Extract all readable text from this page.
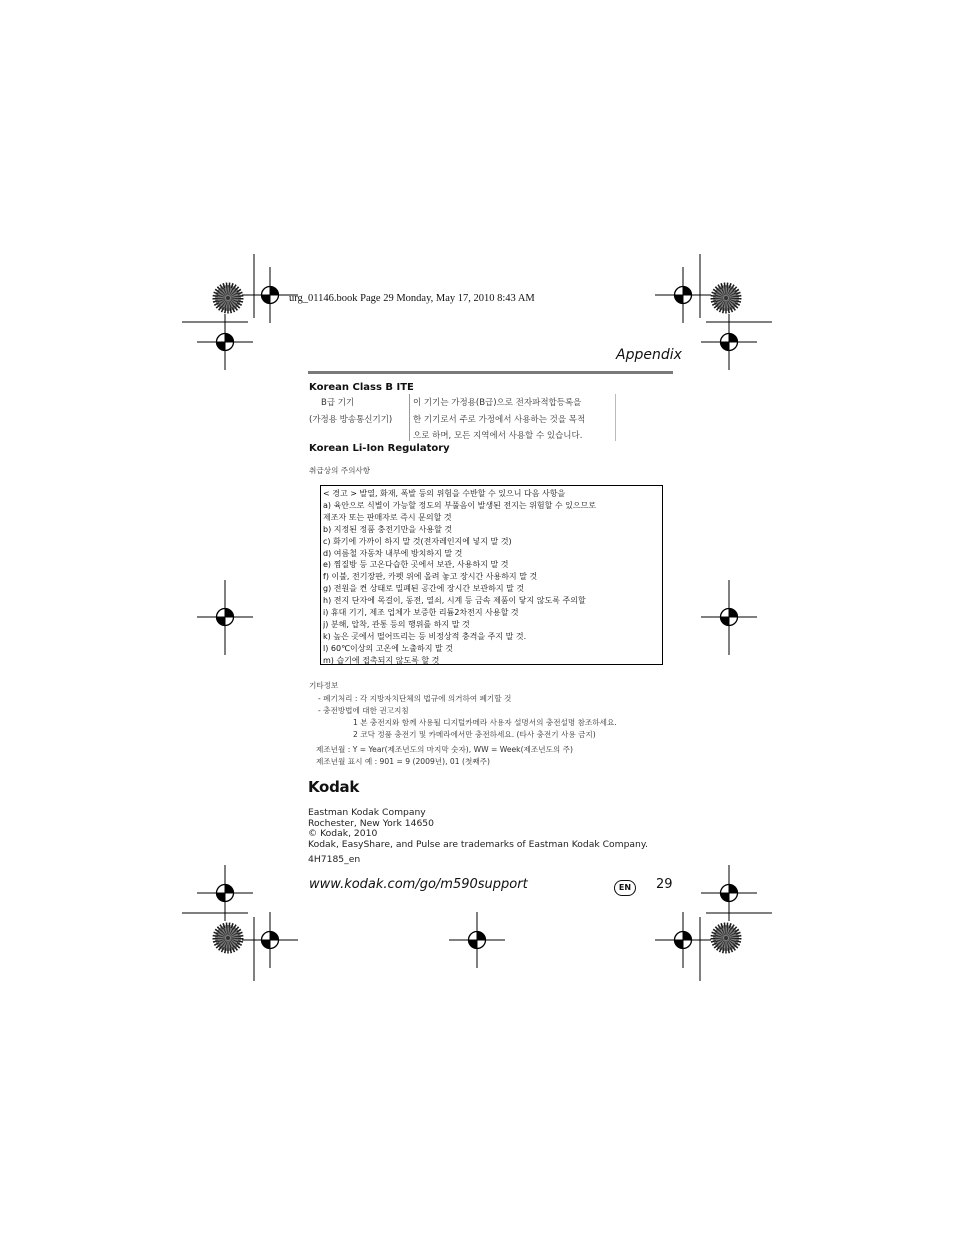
urg_01146.book Page 29 Monday, May 17, 2010 8:43 AM
Appendix
Korean Class B ITE
B급 기기
(가정용 방송통신기기)
이 기기는 가정용(B급)으로 전자파적합등록을
한 기기로서 주로 가정에서 사용하는 것을 목적
으로 하며, 모든 지역에서 사용할 수 있습니다.
Korean Li-Ion Regulatory
취급상의 주의사항
< 경고 > 발열, 화재, 폭발 등의 위험을 수반할 수 있으니 다음 사항을
a) 육안으로 식별이 가능할 정도의 부풀음이 발생된 전지는 위험할 수 있으므로
제조자 또는 판매자로 즉시 문의할 것
b) 지정된 정품 충전기만을 사용할 것
c) 화기에 가까이 하지 말 것(전자레인지에 넣지 말 것)
d) 여름철 자동차 내부에 방치하지 말 것
e) 찜질방 등 고온다습한 곳에서 보관, 사용하지 말 것
f) 이불, 전기장판, 카펫 위에 올려 놓고 장시간 사용하지 말 것
g) 전원을 켠 상태로 밀폐된 공간에 장시간 보관하지 말 것
h) 전지 단자에 목걸이, 동전, 열쇠, 시계 등 금속 제품이 닿지 않도록 주의할
i) 휴대 기기, 제조 업체가 보증한 리튬2차전지 사용할 것
j) 분해, 압착, 관통 등의 행위를 하지 말 것
k) 높은 곳에서 떨어뜨리는 등 비정상적 충격을 주지 말 것.
l) 60℃이상의 고온에 노출하지 말 것
m) 습기에 접촉되지 않도록 할 것
기타정보
- 폐기처리 : 각 지방자치단체의 법규에 의거하여 폐기할 것
- 충전방법에 대한 권고지침
1 본 충전지와 함께 사용될 디지털카메라 사용자 설명서의 충전설명 참조하세요.
2 코닥 정품 충전기 및 카메라에서만 충전하세요. (타사 충전기 사용 금지)
제조년월 : Y = Year(제조년도의 마지막 숫자), WW = Week(제조년도의 주)
제조년월 표시 예 : 901 = 9 (2009년), 01 (첫째주)
Kodak
Eastman Kodak Company
Rochester, New York 14650
© Kodak, 2010
Kodak, EasyShare, and Pulse are trademarks of Eastman Kodak Company.
4H7185_en
www.kodak.com/go/m590support	EN	29
